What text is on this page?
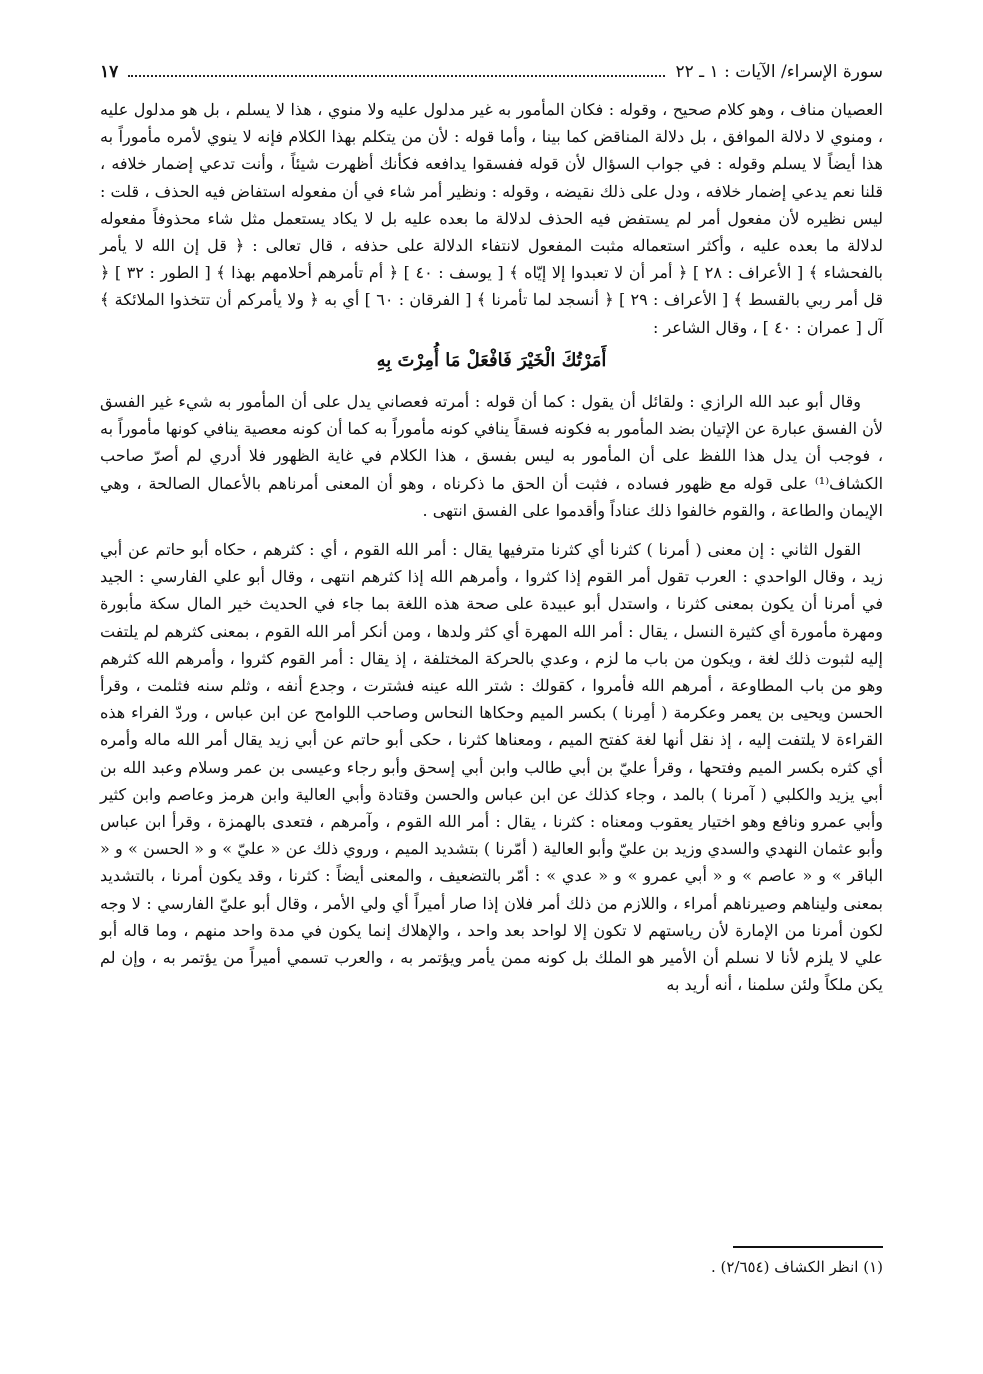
سورة الإسراء/ الآيات : ١ ـ ٢٢
١٧

العصيان مناف ، وهو كلام صحيح ، وقوله : فكان المأمور به غير مدلول عليه ولا منوي ، هذا لا يسلم ، بل هو مدلول عليه ، ومنوي لا دلالة الموافق ، بل دلالة المناقض كما بينا ، وأما قوله : لأن من يتكلم بهذا الكلام فإنه لا ينوي لأمره مأموراً به هذا أيضاً لا يسلم وقوله : في جواب السؤال لأن قوله ففسقوا يدافعه فكأنك أظهرت شيئاً ، وأنت تدعي إضمار خلافه ، قلنا نعم يدعي إضمار خلافه ، ودل على ذلك نقيضه ، وقوله : ونظير أمر شاء في أن مفعوله استفاض فيه الحذف ، قلت : ليس نظيره لأن مفعول أمر لم يستفض فيه الحذف لدلالة ما بعده عليه بل لا يكاد يستعمل مثل شاء محذوفاً مفعوله لدلالة ما بعده عليه ، وأكثر استعماله مثبت المفعول لانتفاء الدلالة على حذفه ، قال تعالى : ﴿ قل إن الله لا يأمر بالفحشاء ﴾ [ الأعراف : ٢٨ ] ﴿ أمر أن لا تعبدوا إلا إيّاه ﴾ [ يوسف : ٤٠ ] ﴿ أم تأمرهم أحلامهم بهذا ﴾ [ الطور : ٣٢ ] ﴿ قل أمر ربي بالقسط ﴾ [ الأعراف : ٢٩ ] ﴿ أنسجد لما تأمرنا ﴾ [ الفرقان : ٦٠ ] أي به ﴿ ولا يأمركم أن تتخذوا الملائكة ﴾ آل [ عمران : ٤٠ ] ، وقال الشاعر :

أَمَرْتُكَ الْخَيْرَ فَافْعَلْ مَا أُمِرْتَ بِهِ

وقال أبو عبد الله الرازي : ولقائل أن يقول : كما أن قوله : أمرته فعصاني يدل على أن المأمور به شيء غير الفسق لأن الفسق عبارة عن الإتيان بضد المأمور به فكونه فسقاً ينافي كونه مأموراً به كما أن كونه معصية ينافي كونها مأموراً به ، فوجب أن يدل هذا اللفظ على أن المأمور به ليس بفسق ، هذا الكلام في غاية الظهور فلا أدري لم أصرّ صاحب الكشاف⁽¹⁾ على قوله مع ظهور فساده ، فثبت أن الحق ما ذكرناه ، وهو أن المعنى أمرناهم بالأعمال الصالحة ، وهي الإيمان والطاعة ، والقوم خالفوا ذلك عناداً وأقدموا على الفسق انتهى .

القول الثاني : إن معنى ( أمرنا ) كثرنا أي كثرنا مترفيها يقال : أمر الله القوم ، أي : كثرهم ، حكاه أبو حاتم عن أبي زيد ، وقال الواحدي : العرب تقول أمر القوم إذا كثروا ، وأمرهم الله إذا كثرهم انتهى ، وقال أبو علي الفارسي : الجيد في أمرنا أن يكون بمعنى كثرنا ، واستدل أبو عبيدة على صحة هذه اللغة بما جاء في الحديث خير المال سكة مأبورة ومهرة مأمورة أي كثيرة النسل ، يقال : أمر الله المهرة أي كثر ولدها ، ومن أنكر أمر الله القوم ، بمعنى كثرهم لم يلتفت إليه لثبوت ذلك لغة ، ويكون من باب ما لزم ، وعدي بالحركة المختلفة ، إذ يقال : أمر القوم كثروا ، وأمرهم الله كثرهم وهو من باب المطاوعة ، أمرهم الله فأمروا ، كقولك : شتر الله عينه فشترت ، وجدع أنفه ، وثلم سنه فثلمت ، وقرأ الحسن ويحيى بن يعمر وعكرمة ( أمِرنا ) بكسر الميم وحكاها النحاس وصاحب اللوامح عن ابن عباس ، وردّ الفراء هذه القراءة لا يلتفت إليه ، إذ نقل أنها لغة كفتح الميم ، ومعناها كثرنا ، حكى أبو حاتم عن أبي زيد يقال أمر الله ماله وأمره أي كثره بكسر الميم وفتحها ، وقرأ عليّ بن أبي طالب وابن أبي إسحق وأبو رجاء وعيسى بن عمر وسلام وعبد الله بن أبي يزيد والكلبي ( آمرنا ) بالمد ، وجاء كذلك عن ابن عباس والحسن وقتادة وأبي العالية وابن هرمز وعاصم وابن كثير وأبي عمرو ونافع وهو اختيار يعقوب ومعناه : كثرنا ، يقال : أمر الله القوم ، وآمرهم ، فتعدى بالهمزة ، وقرأ ابن عباس وأبو عثمان النهدي والسدي وزيد بن عليّ وأبو العالية ( أمّرنا ) بتشديد الميم ، وروي ذلك عن « عليّ » و « الحسن » و « الباقر » و « عاصم » و « أبي عمرو » و « عدي » : أمّر بالتضعيف ، والمعنى أيضاً : كثرنا ، وقد يكون أمرنا ، بالتشديد بمعنى وليناهم وصيرناهم أمراء ، واللازم من ذلك أمر فلان إذا صار أميراً أي ولي الأمر ، وقال أبو عليّ الفارسي : لا وجه لكون أمرنا من الإمارة لأن رياستهم لا تكون إلا لواحد بعد واحد ، والإهلاك إنما يكون في مدة واحد منهم ، وما قاله أبو علي لا يلزم لأنا لا نسلم أن الأمير هو الملك بل كونه ممن يأمر ويؤتمر به ، والعرب تسمي أميراً من يؤتمر به ، وإن لم يكن ملكاً ولئن سلمنا ، أنه أريد به

(١) انظر الكشاف (٢/٦٥٤) .
